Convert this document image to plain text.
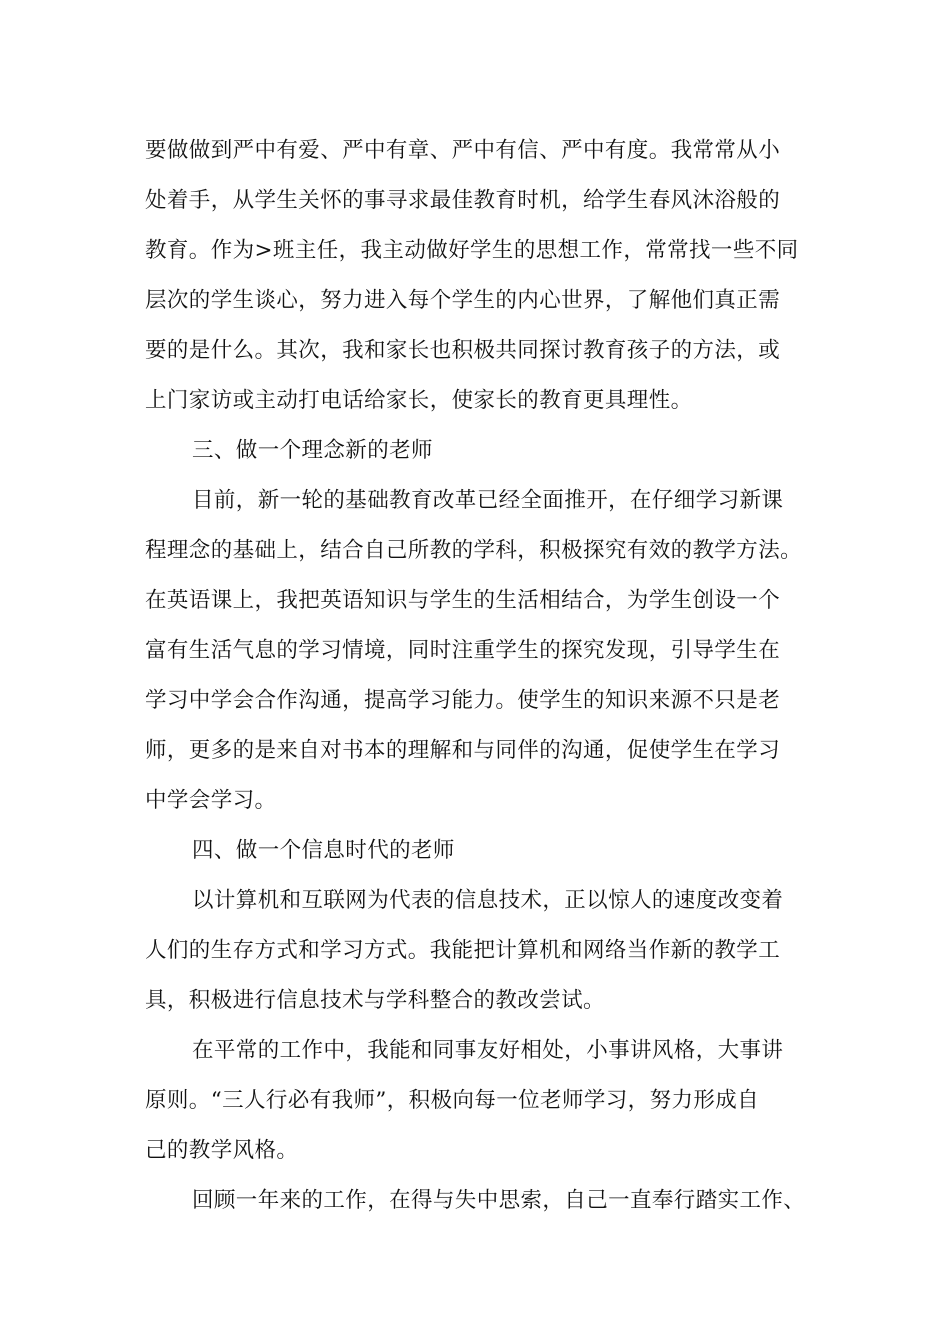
要做做到严中有爱、严中有章、严中有信、严中有度。我常常从小
处着手，从学生关怀的事寻求最佳教育时机，给学生春风沐浴般的
教育。作为>班主任，我主动做好学生的思想工作，常常找一些不同
层次的学生谈心，努力进入每个学生的内心世界，了解他们真正需
要的是什么。其次，我和家长也积极共同探讨教育孩子的方法，或
上门家访或主动打电话给家长，使家长的教育更具理性。
三、做一个理念新的老师
目前，新一轮的基础教育改革已经全面推开，在仔细学习新课
程理念的基础上，结合自己所教的学科，积极探究有效的教学方法。
在英语课上，我把英语知识与学生的生活相结合，为学生创设一个
富有生活气息的学习情境，同时注重学生的探究发现，引导学生在
学习中学会合作沟通，提高学习能力。使学生的知识来源不只是老
师，更多的是来自对书本的理解和与同伴的沟通，促使学生在学习
中学会学习。
四、做一个信息时代的老师
以计算机和互联网为代表的信息技术，正以惊人的速度改变着
人们的生存方式和学习方式。我能把计算机和网络当作新的教学工
具，积极进行信息技术与学科整合的教改尝试。
在平常的工作中，我能和同事友好相处，小事讲风格，大事讲
原则。“三人行必有我师”，积极向每一位老师学习，努力形成自
己的教学风格。
回顾一年来的工作，在得与失中思索，自己一直奉行踏实工作、
